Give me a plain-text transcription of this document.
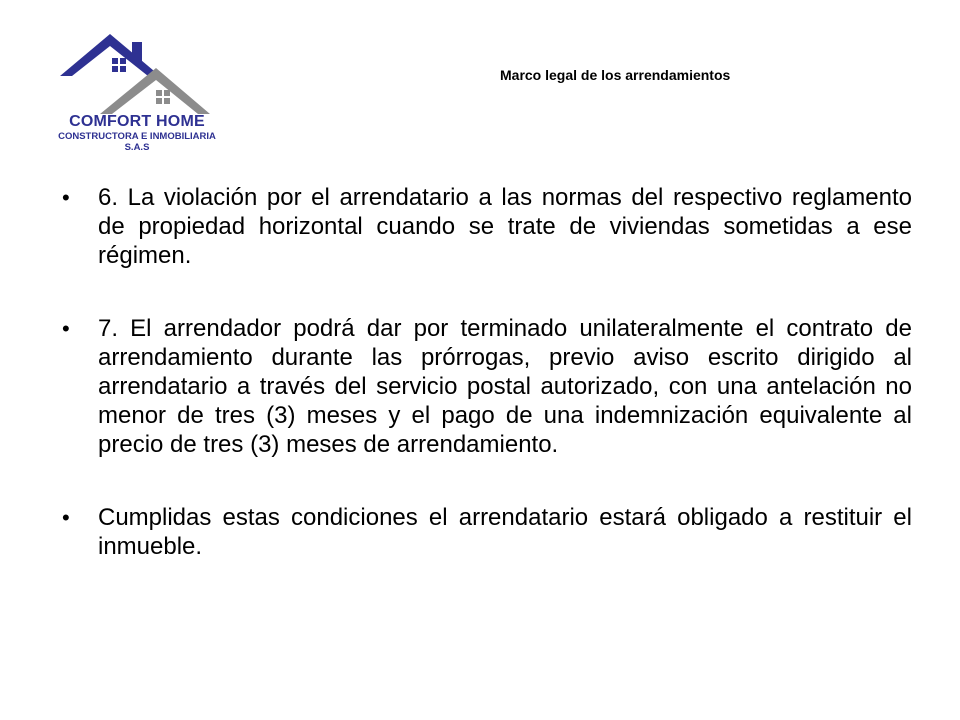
COMFORT HOME
CONSTRUCTORA E INMOBILIARIA
S.A.S
Marco legal de los arrendamientos
•	6. La violación por el arrendatario a las normas del respectivo reglamento de propiedad horizontal cuando se trate de viviendas sometidas a ese régimen.
•	7. El arrendador podrá dar por terminado unilateralmente el contrato de arrendamiento durante las prórrogas, previo aviso escrito dirigido al arrendatario a través del servicio postal autorizado, con una antelación no menor de tres (3) meses y el pago de una indemnización equivalente al precio de tres (3) meses de arrendamiento.
•	Cumplidas estas condiciones el arrendatario estará obligado a restituir el inmueble.
